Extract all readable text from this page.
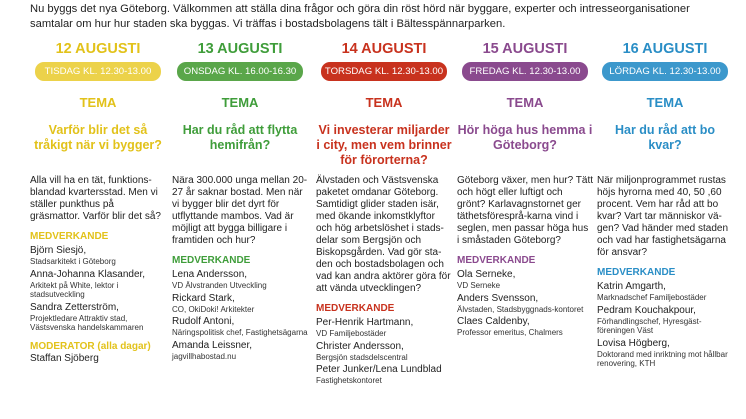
Nu byggs det nya Göteborg. Välkommen att ställa dina frågor och göra din röst hörd när byggare, experter och intresseorganisationer samtalar om hur hur staden ska byggas. Vi träffas i bostadsbolagens tält i Bältesspännarparken.
12 AUGUSTI
TISDAG KL. 12.30-13.00
TEMA
Varför blir det så tråkigt när vi bygger?
Alla vill ha en tät, funktions-blandad kvartersstad. Men vi ställer punkthus på gräsmattor. Varför blir det så?
MEDVERKANDE
Björn Siesjö,
Stadsarkitekt i Göteborg
Anna-Johanna Klasander,
Arkitekt på White, lektor i stadsutveckling
Sandra Zetterström,
Projektledare Attraktiv stad, Västsvenska handelskammaren
MODERATOR (alla dagar)
Staffan Sjöberg
13 AUGUSTI
ONSDAG KL. 16.00-16.30
TEMA
Har du råd att flytta hemifrån?
Nära 300.000 unga mellan 20-27 år saknar bostad. Men när vi bygger blir det dyrt för utflyttande mambos. Vad är möjligt att bygga billigare i framtiden och hur?
MEDVERKANDE
Lena Andersson,
VD Älvstranden Utveckling
Rickard Stark,
CO, OkiDoki! Arkitekter
Rudolf Antoni,
Näringspolitisk chef, Fastighetsägarna
Amanda Leissner,
jagvillhabostad.nu
14 AUGUSTI
TORSDAG KL. 12.30-13.00
TEMA
Vi investerar miljarder i city, men vem brinner för förorterna?
Älvstaden och Västsvenska paketet omdanar Göteborg. Samtidigt glider staden isär, med ökande inkomstklyftor och hög arbetslöshet i stads-delar som Bergsjön och Biskopsgården. Vad gör sta-den och bostadsbolagen och vad kan andra aktörer göra för att vända utvecklingen?
MEDVERKANDE
Per-Henrik Hartmann,
VD Familjebostäder
Christer Andersson,
Bergsjön stadsdelscentral
Peter Junker/Lena Lundblad
Fastighetskontoret
15 AUGUSTI
FREDAG KL. 12.30-13.00
TEMA
Hör höga hus hemma i Göteborg?
Göteborg växer, men hur? Tätt och högt eller luftigt och grönt? Karlavagnstornet ger täthetsföresprå-karna vind i seglen, men passar höga hus i småstaden Göteborg?
MEDVERKANDE
Ola Serneke,
VD Serneke
Anders Svensson,
Älvstaden, Stadsbyggnads-kontoret
Claes Caldenby,
Professor emeritus, Chalmers
16 AUGUSTI
LÖRDAG KL. 12.30-13.00
TEMA
Har du råd att bo kvar?
När miljonprogrammet rustas höjs hyrorna med 40, 50 ,60 procent. Vem har råd att bo kvar? Vart tar människor vä-gen? Vad händer med staden och vad har fastighetsägarna för ansvar?
MEDVERKANDE
Katrin Amgarth,
Marknadschef Familjebostäder
Pedram Kouchakpour,
Förhandlingschef, Hyresgäst-föreningen Väst
Lovisa Högberg,
Doktorand med inriktning mot hållbar renovering, KTH
